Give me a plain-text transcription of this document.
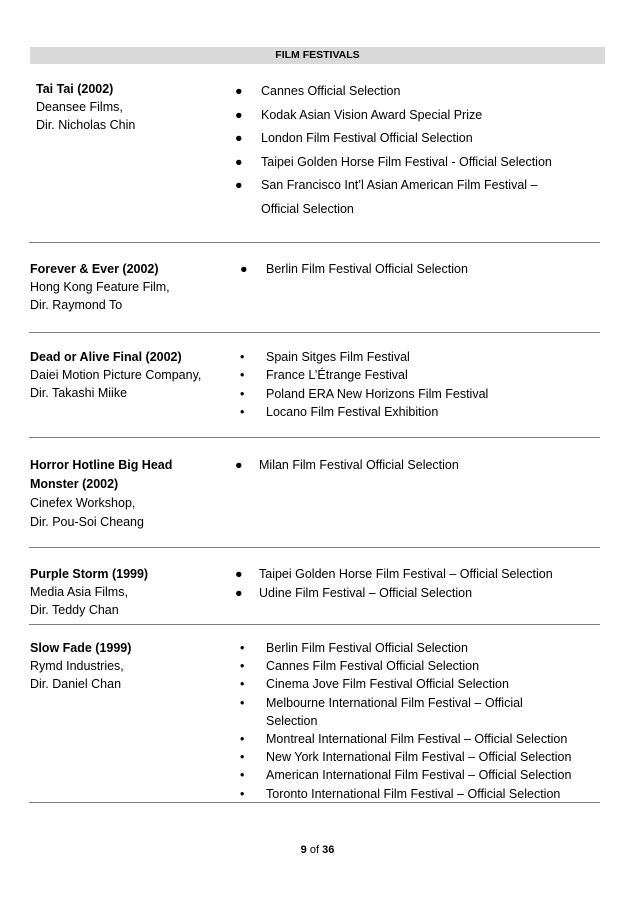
FILM FESTIVALS
Tai Tai (2002)
Deansee Films,
Dir. Nicholas Chin
● Cannes Official Selection
● Kodak Asian Vision Award Special Prize
● London Film Festival Official Selection
● Taipei Golden Horse Film Festival - Official Selection
● San Francisco Int’l Asian American Film Festival – Official Selection
Forever & Ever (2002)
Hong Kong Feature Film,
Dir. Raymond To
● Berlin Film Festival Official Selection
Dead or Alive Final (2002)
Daiei Motion Picture Company,
Dir. Takashi Miike
• Spain Sitges Film Festival
• France L’Étrange Festival
• Poland ERA New Horizons Film Festival
• Locano Film Festival Exhibition
Horror Hotline Big Head Monster (2002)
Cinefex Workshop,
Dir. Pou-Soi Cheang
● Milan Film Festival Official Selection
Purple Storm (1999)
Media Asia Films,
Dir. Teddy Chan
● Taipei Golden Horse Film Festival – Official Selection
● Udine Film Festival – Official Selection
Slow Fade (1999)
Rymd Industries,
Dir. Daniel Chan
• Berlin Film Festival Official Selection
• Cannes Film Festival Official Selection
• Cinema Jove Film Festival Official Selection
• Melbourne International Film Festival – Official Selection
• Montreal International Film Festival – Official Selection
• New York International Film Festival – Official Selection
• American International Film Festival – Official Selection
• Toronto International Film Festival – Official Selection
9 of 36
